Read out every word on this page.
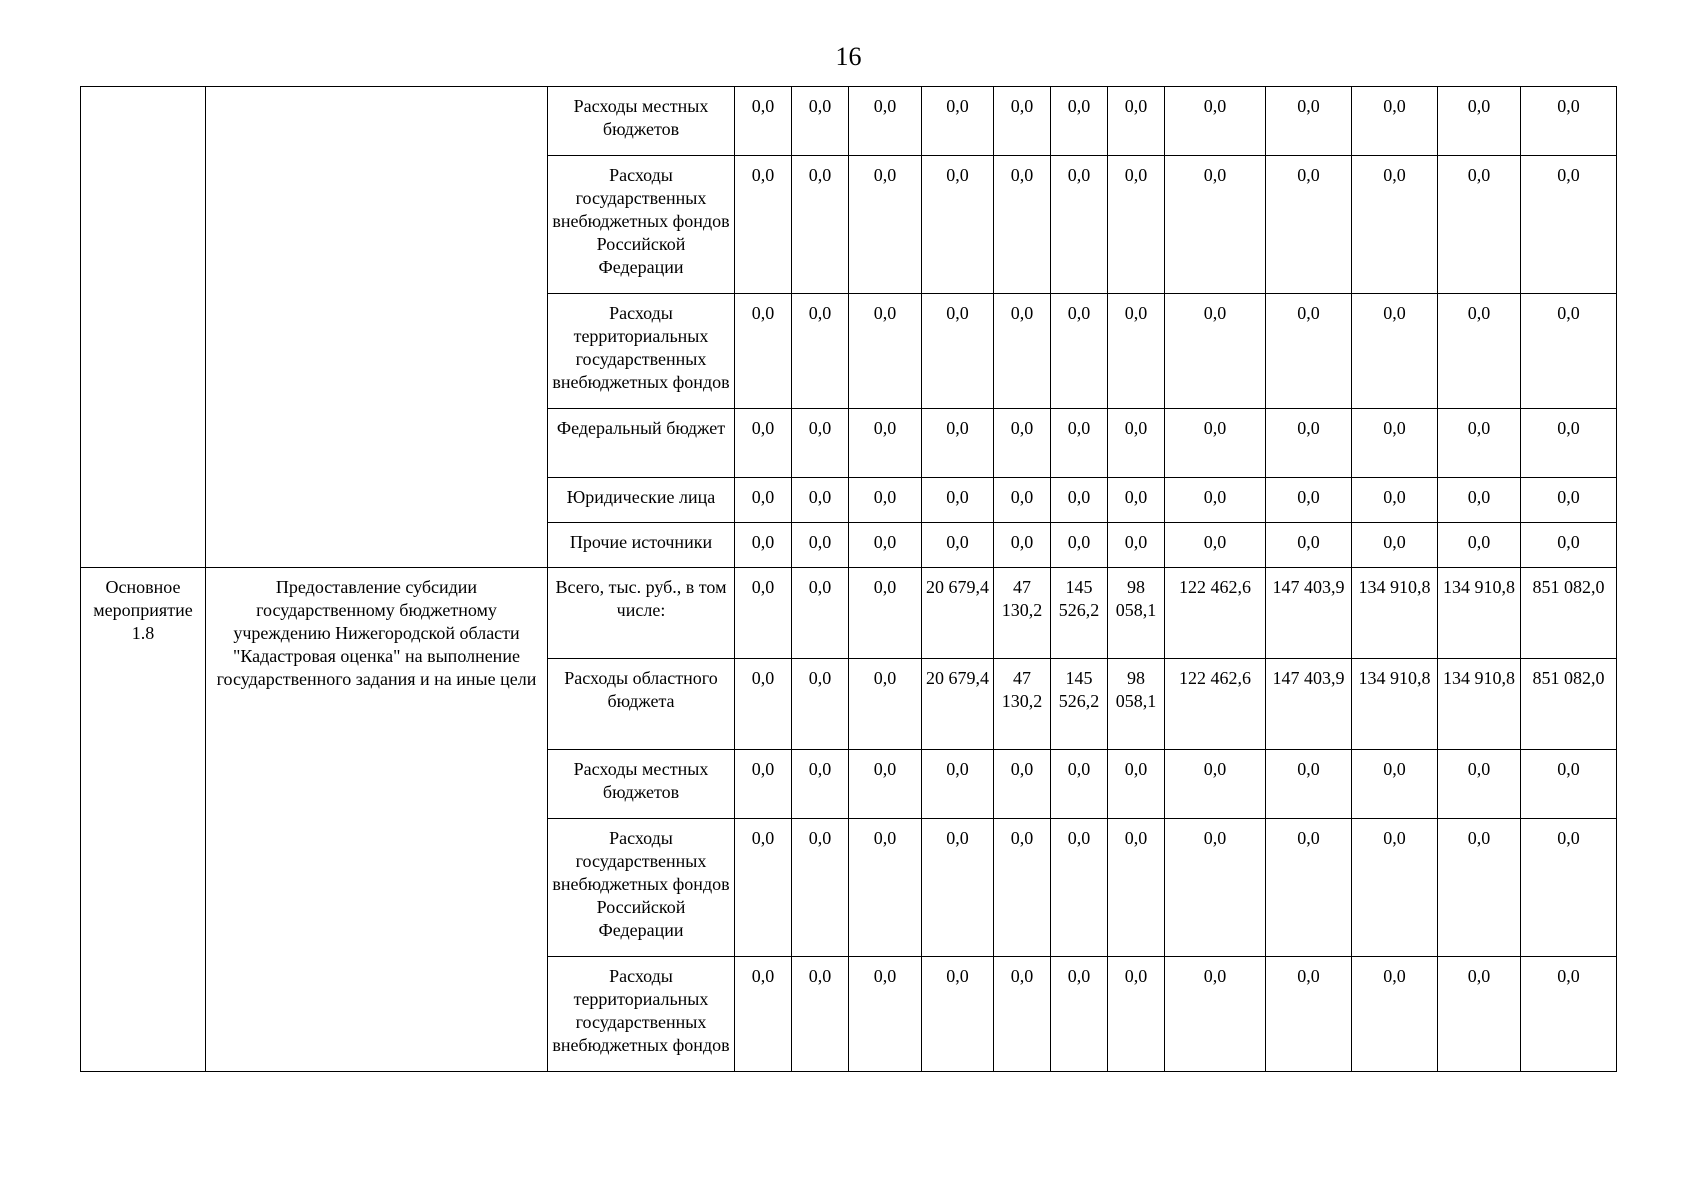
16
		Расходы местных бюджетов	0,0	0,0	0,0	0,0	0,0	0,0	0,0	0,0	0,0	0,0	0,0	0,0
		Расходы государственных внебюджетных фондов Российской Федерации	0,0	0,0	0,0	0,0	0,0	0,0	0,0	0,0	0,0	0,0	0,0	0,0
		Расходы территориальных государственных внебюджетных фондов	0,0	0,0	0,0	0,0	0,0	0,0	0,0	0,0	0,0	0,0	0,0	0,0
		Федеральный бюджет	0,0	0,0	0,0	0,0	0,0	0,0	0,0	0,0	0,0	0,0	0,0	0,0
		Юридические лица	0,0	0,0	0,0	0,0	0,0	0,0	0,0	0,0	0,0	0,0	0,0	0,0
		Прочие источники	0,0	0,0	0,0	0,0	0,0	0,0	0,0	0,0	0,0	0,0	0,0	0,0
Основное мероприятие 1.8	Предоставление субсидии государственному бюджетному учреждению Нижегородской области "Кадастровая оценка" на выполнение государственного задания и на иные цели	Всего, тыс. руб., в том числе:	0,0	0,0	0,0	20 679,4	47 130,2	145 526,2	98 058,1	122 462,6	147 403,9	134 910,8	134 910,8	851 082,0
		Расходы областного бюджета	0,0	0,0	0,0	20 679,4	47 130,2	145 526,2	98 058,1	122 462,6	147 403,9	134 910,8	134 910,8	851 082,0
		Расходы местных бюджетов	0,0	0,0	0,0	0,0	0,0	0,0	0,0	0,0	0,0	0,0	0,0	0,0
		Расходы государственных внебюджетных фондов Российской Федерации	0,0	0,0	0,0	0,0	0,0	0,0	0,0	0,0	0,0	0,0	0,0	0,0
		Расходы территориальных государственных внебюджетных фондов	0,0	0,0	0,0	0,0	0,0	0,0	0,0	0,0	0,0	0,0	0,0	0,0
